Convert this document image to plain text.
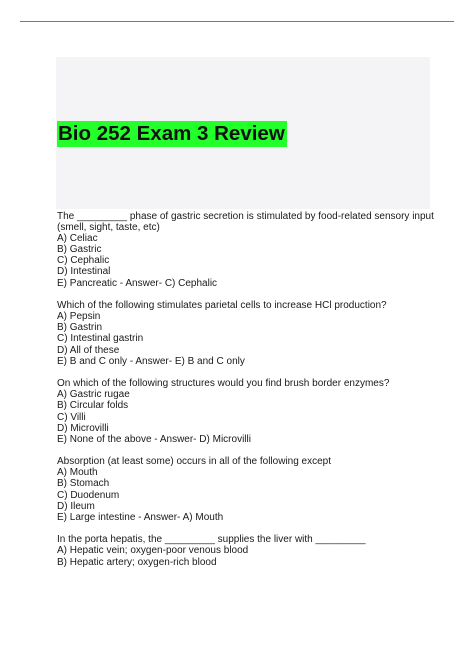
Bio 252 Exam 3 Review

The _________ phase of gastric secretion is stimulated by food-related sensory input (smell, sight, taste, etc)

A) Celiac

B) Gastric

C) Cephalic

D) Intestinal

E) Pancreatic - Answer- C) Cephalic

Which of the following stimulates parietal cells to increase HCl production?

A) Pepsin

B) Gastrin

C) Intestinal gastrin

D) All of these

E) B and C only - Answer- E) B and C only

On which of the following structures would you find brush border enzymes?

A) Gastric rugae

B) Circular folds

C) Villi

D) Microvilli

E) None of the above - Answer- D) Microvilli

Absorption (at least some) occurs in all of the following except

A) Mouth

B) Stomach

C) Duodenum

D) Ileum

E) Large intestine - Answer- A) Mouth

In the porta hepatis, the _________ supplies the liver with _________

A) Hepatic vein; oxygen-poor venous blood

B) Hepatic artery; oxygen-rich blood
